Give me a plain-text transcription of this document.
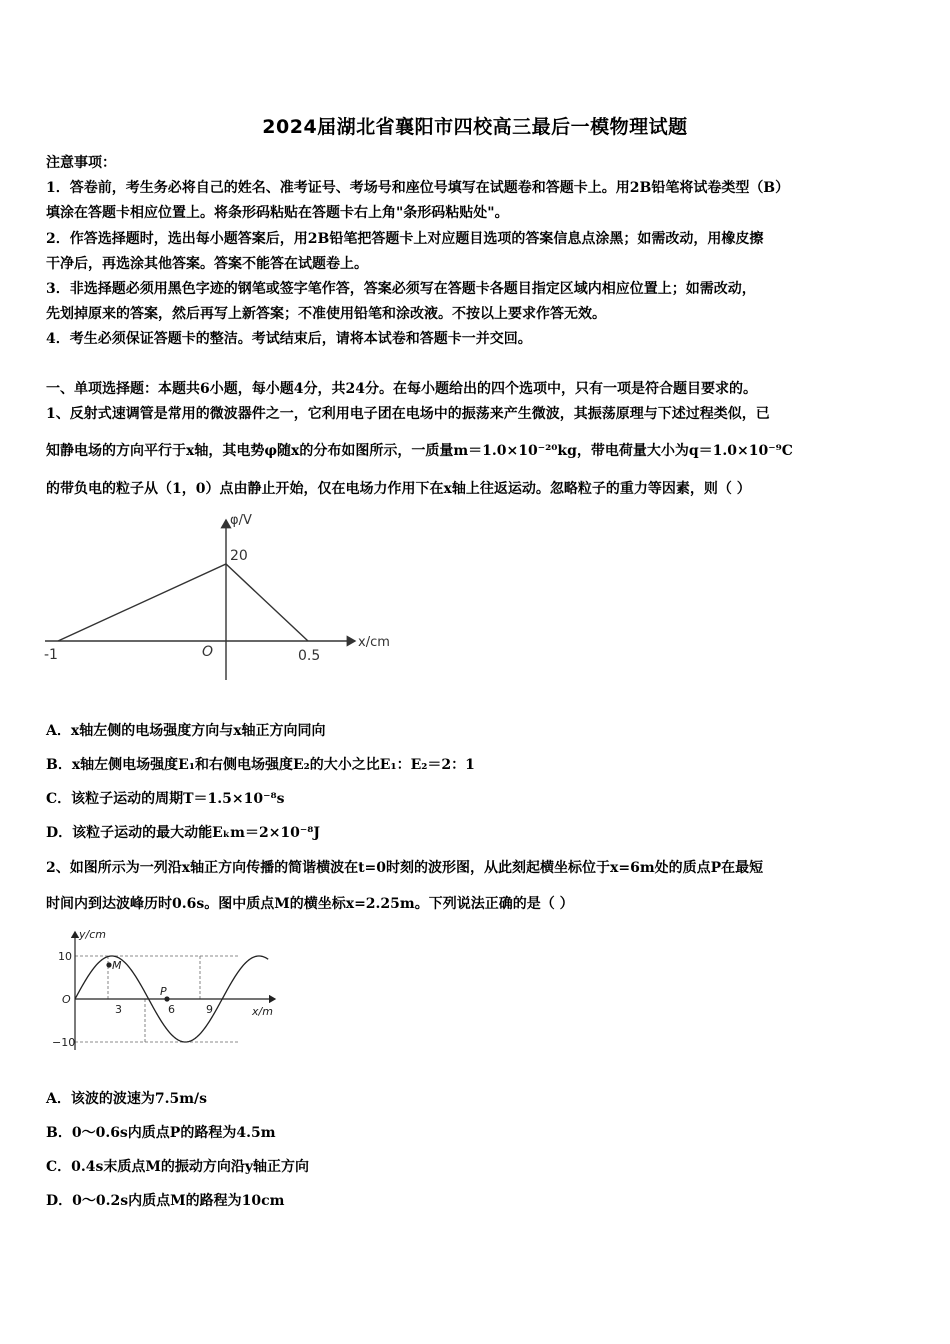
2024届湖北省襄阳市四校高三最后一模物理试题
注意事项：
1．答卷前，考生务必将自己的姓名、准考证号、考场号和座位号填写在试题卷和答题卡上。用2B铅笔将试卷类型（B）
填涂在答题卡相应位置上。将条形码粘贴在答题卡右上角"条形码粘贴处"。
2．作答选择题时，选出每小题答案后，用2B铅笔把答题卡上对应题目选项的答案信息点涂黑；如需改动，用橡皮擦
干净后，再选涂其他答案。答案不能答在试题卷上。
3．非选择题必须用黑色字迹的钢笔或签字笔作答，答案必须写在答题卡各题目指定区域内相应位置上；如需改动，
先划掉原来的答案，然后再写上新答案；不准使用铅笔和涂改液。不按以上要求作答无效。
4．考生必须保证答题卡的整洁。考试结束后，请将本试卷和答题卡一并交回。
一、单项选择题：本题共6小题，每小题4分，共24分。在每小题给出的四个选项中，只有一项是符合题目要求的。
1、反射式速调管是常用的微波器件之一，它利用电子团在电场中的振荡来产生微波，其振荡原理与下述过程类似，已
知静电场的方向平行于x轴，其电势φ随x的分布如图所示，一质量m＝1.0×10⁻²⁰kg，带电荷量大小为q＝1.0×10⁻⁹C
的带负电的粒子从（1，0）点由静止开始，仅在电场力作用下在x轴上往返运动。忽略粒子的重力等因素，则（ ）
φ/V
x/cm
20
O
-1	0.5
A．x轴左侧的电场强度方向与x轴正方向同向
B．x轴左侧电场强度E₁和右侧电场强度E₂的大小之比E₁：E₂＝2：1
C．该粒子运动的周期T＝1.5×10⁻⁸s
D．该粒子运动的最大动能Eₖm＝2×10⁻⁸J
2、如图所示为一列沿x轴正方向传播的简谐横波在t=0时刻的波形图，从此刻起横坐标位于x=6m处的质点P在最短
时间内到达波峰历时0.6s。图中质点M的横坐标x=2.25m。下列说法正确的是（ ）
y/cm
x/m
10
−10
O
3	6	9
M
P
A．该波的波速为7.5m/s
B．0～0.6s内质点P的路程为4.5m
C．0.4s末质点M的振动方向沿y轴正方向
D．0～0.2s内质点M的路程为10cm
